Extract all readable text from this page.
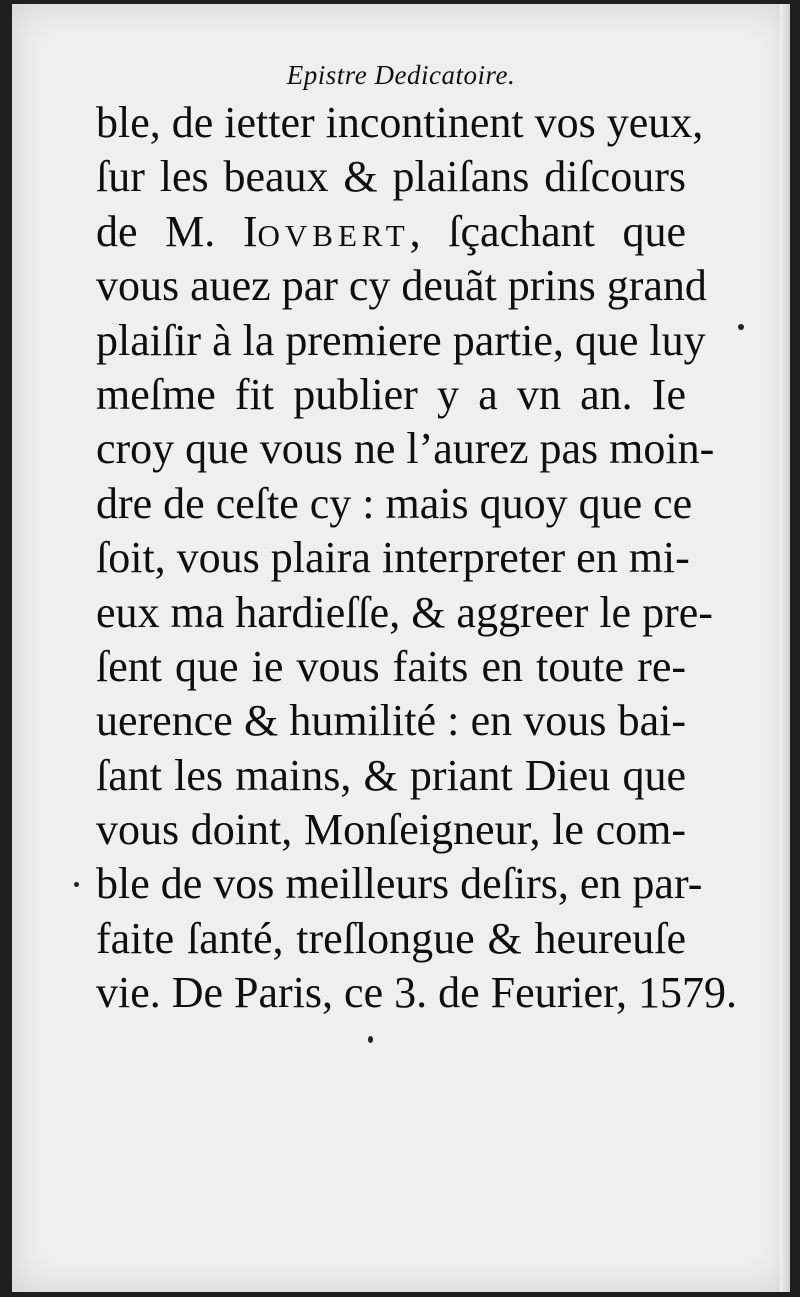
Epistre Dedicatoire.
ble, de ietter incontinent vos yeux,
ſur les beaux & plaiſans diſcours
de M. Iovbert, ſçachant que
vous auez par cy deuãt prins grand
plaiſir à la premiere partie, que luy
meſme fit publier y a vn an. Ie
croy que vous ne l’aurez pas moin-
dre de ceſte cy : mais quoy que ce
ſoit, vous plaira interpreter en mi-
eux ma hardieſſe, & aggreer le pre-
ſent que ie vous faits en toute re-
uerence & humilité : en vous bai-
ſant les mains, & priant Dieu que
vous doint, Monſeigneur, le com-
ble de vos meilleurs deſirs, en par-
faite ſanté, treſlongue & heureuſe
vie. De Paris, ce 3. de Feurier, 1579.
